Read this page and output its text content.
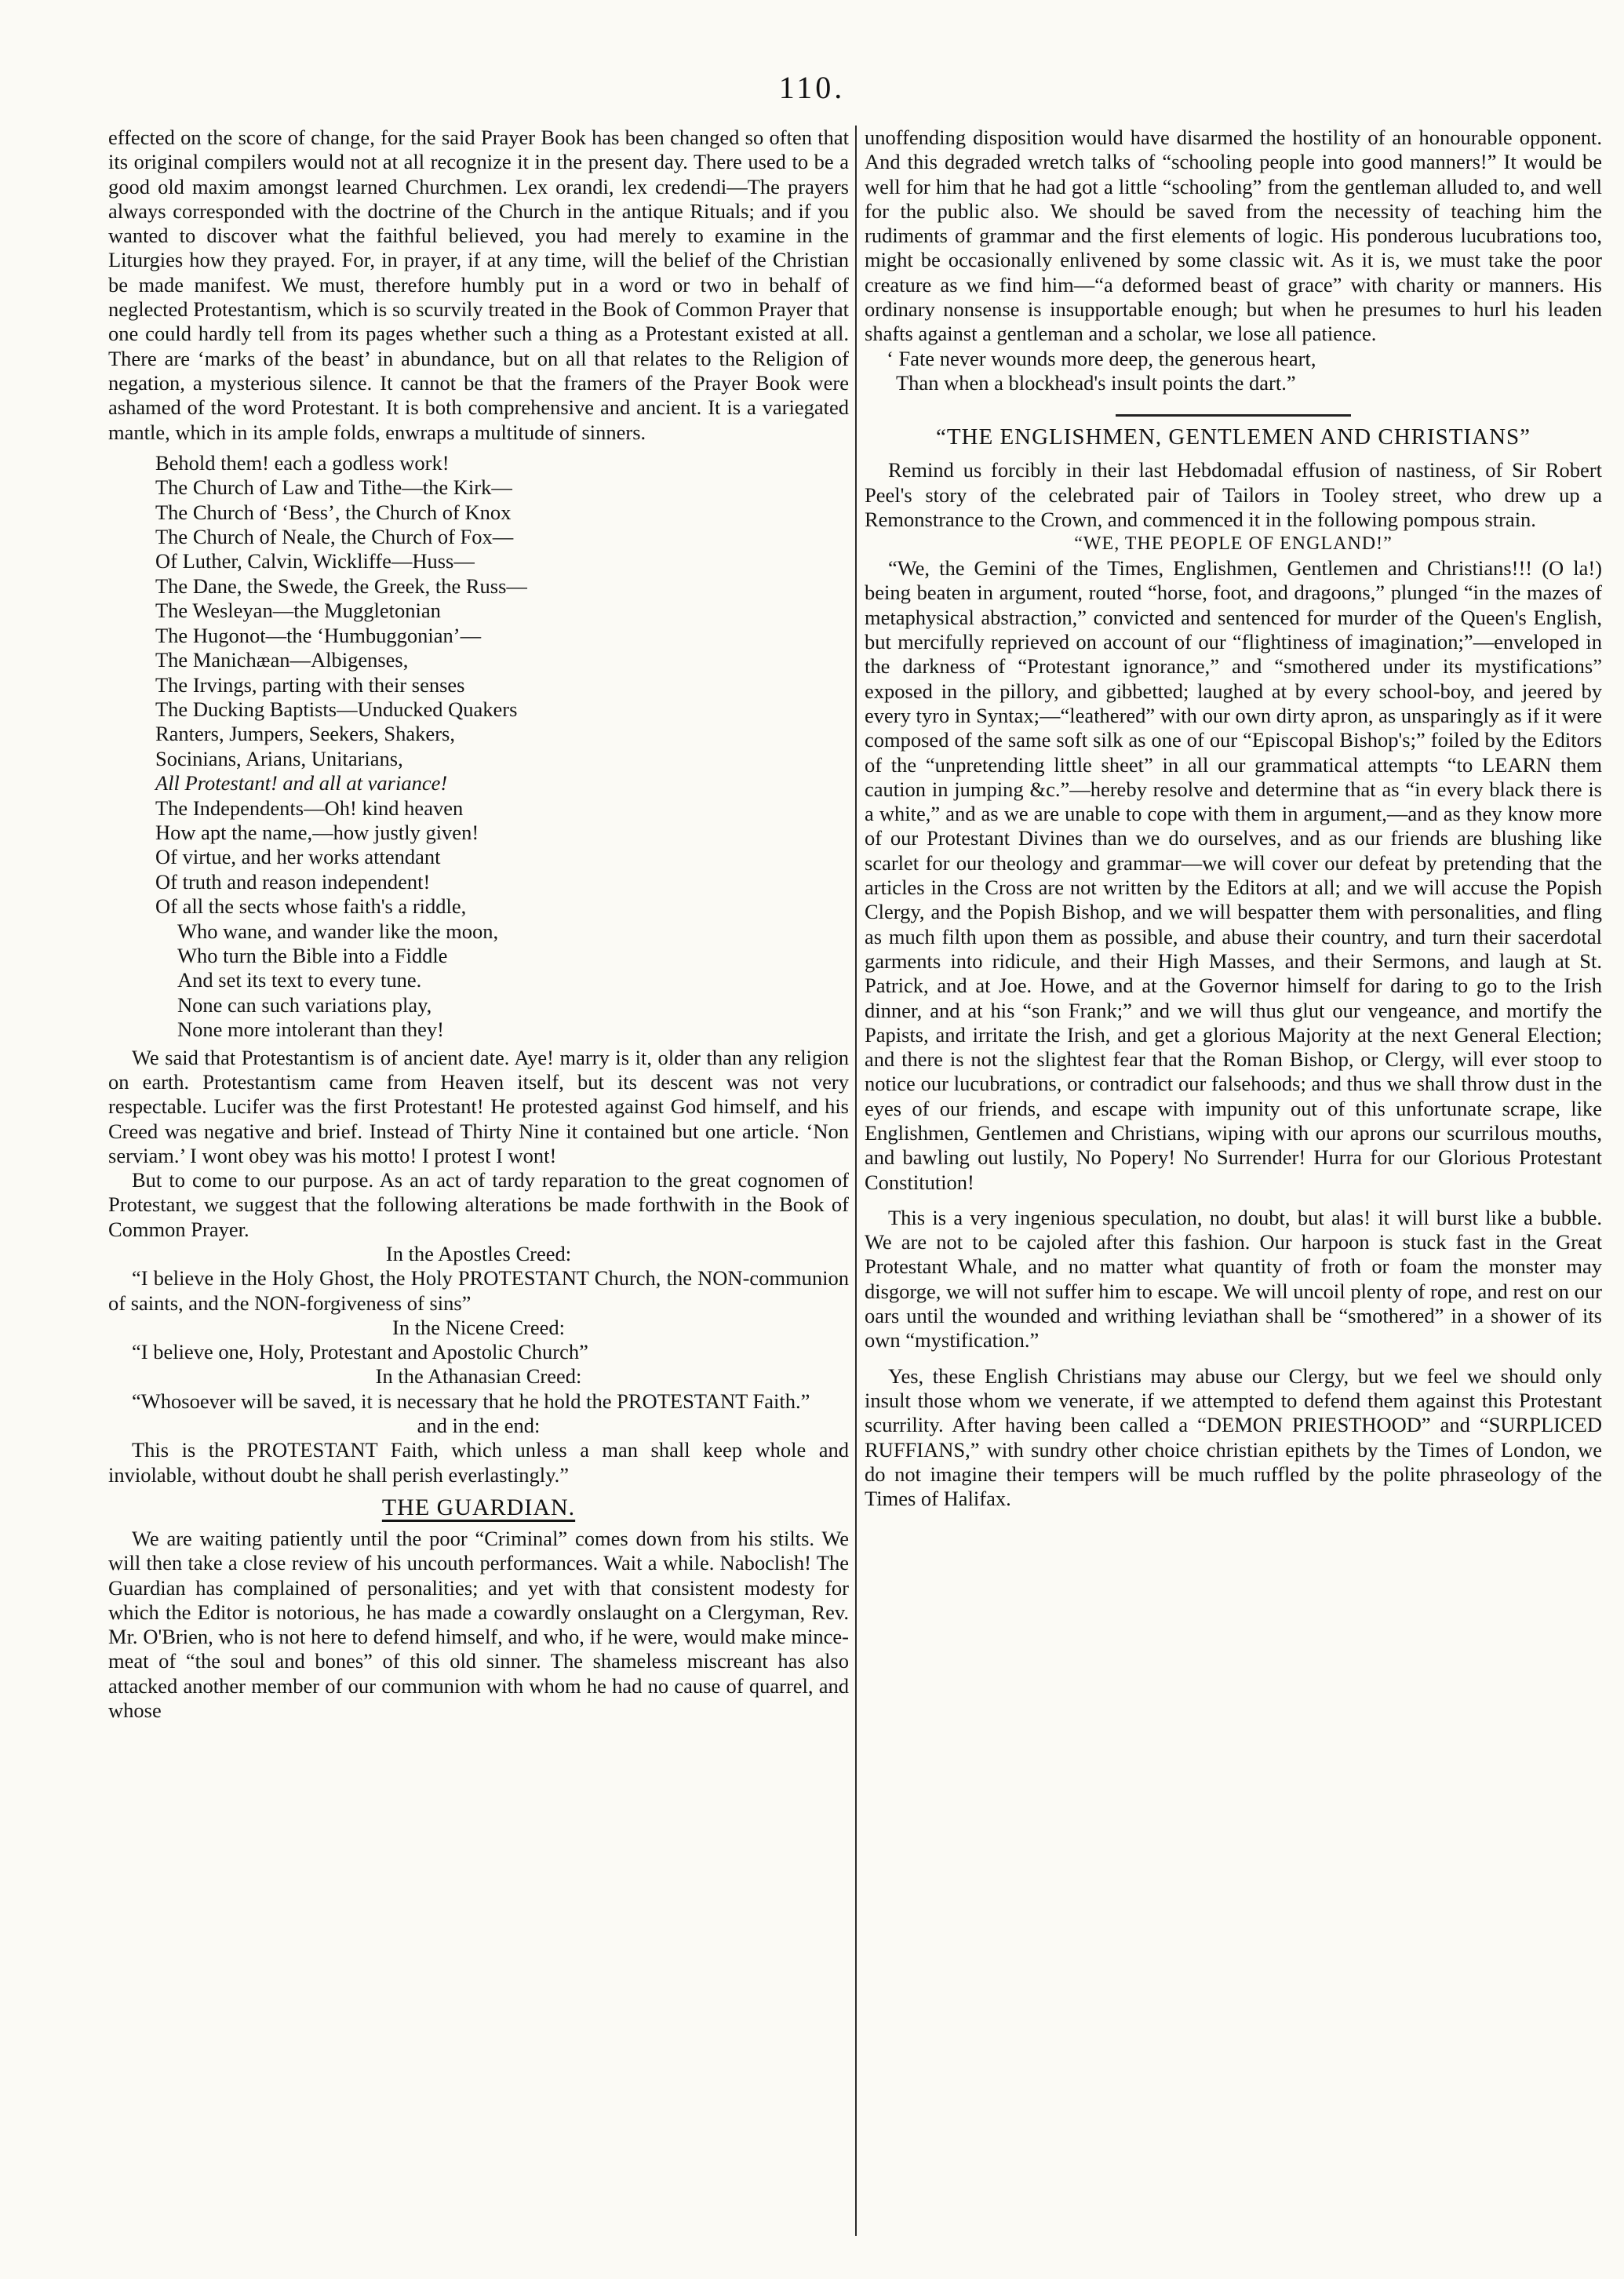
110.

effected on the score of change, for the said Prayer Book has been changed so often that its original compilers would not at all recognize it in the present day. There used to be a good old maxim amongst learned Churchmen. Lex orandi, lex credendi—The prayers always corresponded with the doctrine of the Church in the antique Rituals; and if you wanted to discover what the faithful believed, you had merely to examine in the Liturgies how they prayed. For, in prayer, if at any time, will the belief of the Christian be made manifest. We must, therefore humbly put in a word or two in behalf of neglected Protestantism, which is so scurvily treated in the Book of Common Prayer that one could hardly tell from its pages whether such a thing as a Protestant existed at all. There are ‘marks of the beast’ in abundance, but on all that relates to the Religion of negation, a mysterious silence. It cannot be that the framers of the Prayer Book were ashamed of the word Protestant. It is both comprehensive and ancient. It is a variegated mantle, which in its ample folds, enwraps a multitude of sinners.

Behold them! each a godless work!
The Church of Law and Tithe—the Kirk—
The Church of ‘Bess’, the Church of Knox
The Church of Neale, the Church of Fox—
Of Luther, Calvin, Wickliffe—Huss—
The Dane, the Swede, the Greek, the Russ—
The Wesleyan—the Muggletonian
The Hugonot—the ‘Humbuggonian’—
The Manichæan—Albigenses,
The Irvings, parting with their senses
The Ducking Baptists—Unducked Quakers
Ranters, Jumpers, Seekers, Shakers,
Socinians, Arians, Unitarians,
All Protestant! and all at variance!
The Independents—Oh! kind heaven
How apt the name,—how justly given!
Of virtue, and her works attendant
Of truth and reason independent!
Of all the sects whose faith's a riddle,
Who wane, and wander like the moon,
Who turn the Bible into a Fiddle
And set its text to every tune.
None can such variations play,
None more intolerant than they!

We said that Protestantism is of ancient date. Aye! marry is it, older than any religion on earth. Protestantism came from Heaven itself, but its descent was not very respectable. Lucifer was the first Protestant! He protested against God himself, and his Creed was negative and brief. Instead of Thirty Nine it contained but one article. ‘Non serviam.’ I wont obey was his motto! I protest I wont!

But to come to our purpose. As an act of tardy reparation to the great cognomen of Protestant, we suggest that the following alterations be made forthwith in the Book of Common Prayer.

In the Apostles Creed:

“I believe in the Holy Ghost, the Holy PROTESTANT Church, the NON-communion of saints, and the NON-forgiveness of sins”

In the Nicene Creed:

“I believe one, Holy, Protestant and Apostolic Church”

In the Athanasian Creed:

“Whosoever will be saved, it is necessary that he hold the PROTESTANT Faith.”

and in the end:

This is the PROTESTANT Faith, which unless a man shall keep whole and inviolable, without doubt he shall perish everlastingly.”

THE GUARDIAN.

We are waiting patiently until the poor “Criminal” comes down from his stilts. We will then take a close review of his uncouth performances. Wait a while. Naboclish! The Guardian has complained of personalities; and yet with that consistent modesty for which the Editor is notorious, he has made a cowardly onslaught on a Clergyman, Rev. Mr. O'Brien, who is not here to defend himself, and who, if he were, would make mince-meat of “the soul and bones” of this old sinner. The shameless miscreant has also attacked another member of our communion with whom he had no cause of quarrel, and whose

unoffending disposition would have disarmed the hostility of an honourable opponent. And this degraded wretch talks of “schooling people into good manners!” It would be well for him that he had got a little “schooling” from the gentleman alluded to, and well for the public also. We should be saved from the necessity of teaching him the rudiments of grammar and the first elements of logic. His ponderous lucubrations too, might be occasionally enlivened by some classic wit. As it is, we must take the poor creature as we find him—“a deformed beast of grace” with charity or manners. His ordinary nonsense is insupportable enough; but when he presumes to hurl his leaden shafts against a gentleman and a scholar, we lose all patience.

‘ Fate never wounds more deep, the generous heart,
Than when a blockhead's insult points the dart.”
“THE ENGLISHMEN, GENTLEMEN AND CHRISTIANS”

Remind us forcibly in their last Hebdomadal effusion of nastiness, of Sir Robert Peel's story of the celebrated pair of Tailors in Tooley street, who drew up a Remonstrance to the Crown, and commenced it in the following pompous strain.

“WE, THE PEOPLE OF ENGLAND!”

“We, the Gemini of the Times, Englishmen, Gentlemen and Christians!!! (O la!) being beaten in argument, routed “horse, foot, and dragoons,” plunged “in the mazes of metaphysical abstraction,” convicted and sentenced for murder of the Queen's English, but mercifully reprieved on account of our “flightiness of imagination;”—enveloped in the darkness of “Protestant ignorance,” and “smothered under its mystifications” exposed in the pillory, and gibbetted; laughed at by every school-boy, and jeered by every tyro in Syntax;—“leathered” with our own dirty apron, as unsparingly as if it were composed of the same soft silk as one of our “Episcopal Bishop's;” foiled by the Editors of the “unpretending little sheet” in all our grammatical attempts “to LEARN them caution in jumping &c.”—hereby resolve and determine that as “in every black there is a white,” and as we are unable to cope with them in argument,—and as they know more of our Protestant Divines than we do ourselves, and as our friends are blushing like scarlet for our theology and grammar—we will cover our defeat by pretending that the articles in the Cross are not written by the Editors at all; and we will accuse the Popish Clergy, and the Popish Bishop, and we will bespatter them with personalities, and fling as much filth upon them as possible, and abuse their country, and turn their sacerdotal garments into ridicule, and their High Masses, and their Sermons, and laugh at St. Patrick, and at Joe. Howe, and at the Governor himself for daring to go to the Irish dinner, and at his “son Frank;” and we will thus glut our vengeance, and mortify the Papists, and irritate the Irish, and get a glorious Majority at the next General Election; and there is not the slightest fear that the Roman Bishop, or Clergy, will ever stoop to notice our lucubrations, or contradict our falsehoods; and thus we shall throw dust in the eyes of our friends, and escape with impunity out of this unfortunate scrape, like Englishmen, Gentlemen and Christians, wiping with our aprons our scurrilous mouths, and bawling out lustily, No Popery! No Surrender! Hurra for our Glorious Protestant Constitution!

This is a very ingenious speculation, no doubt, but alas! it will burst like a bubble. We are not to be cajoled after this fashion. Our harpoon is stuck fast in the Great Protestant Whale, and no matter what quantity of froth or foam the monster may disgorge, we will not suffer him to escape. We will uncoil plenty of rope, and rest on our oars until the wounded and writhing leviathan shall be “smothered” in a shower of its own “mystification.”

Yes, these English Christians may abuse our Clergy, but we feel we should only insult those whom we venerate, if we attempted to defend them against this Protestant scurrility. After having been called a “DEMON PRIESTHOOD” and “SURPLICED RUFFIANS,” with sundry other choice christian epithets by the Times of London, we do not imagine their tempers will be much ruffled by the polite phraseology of the Times of Halifax.
